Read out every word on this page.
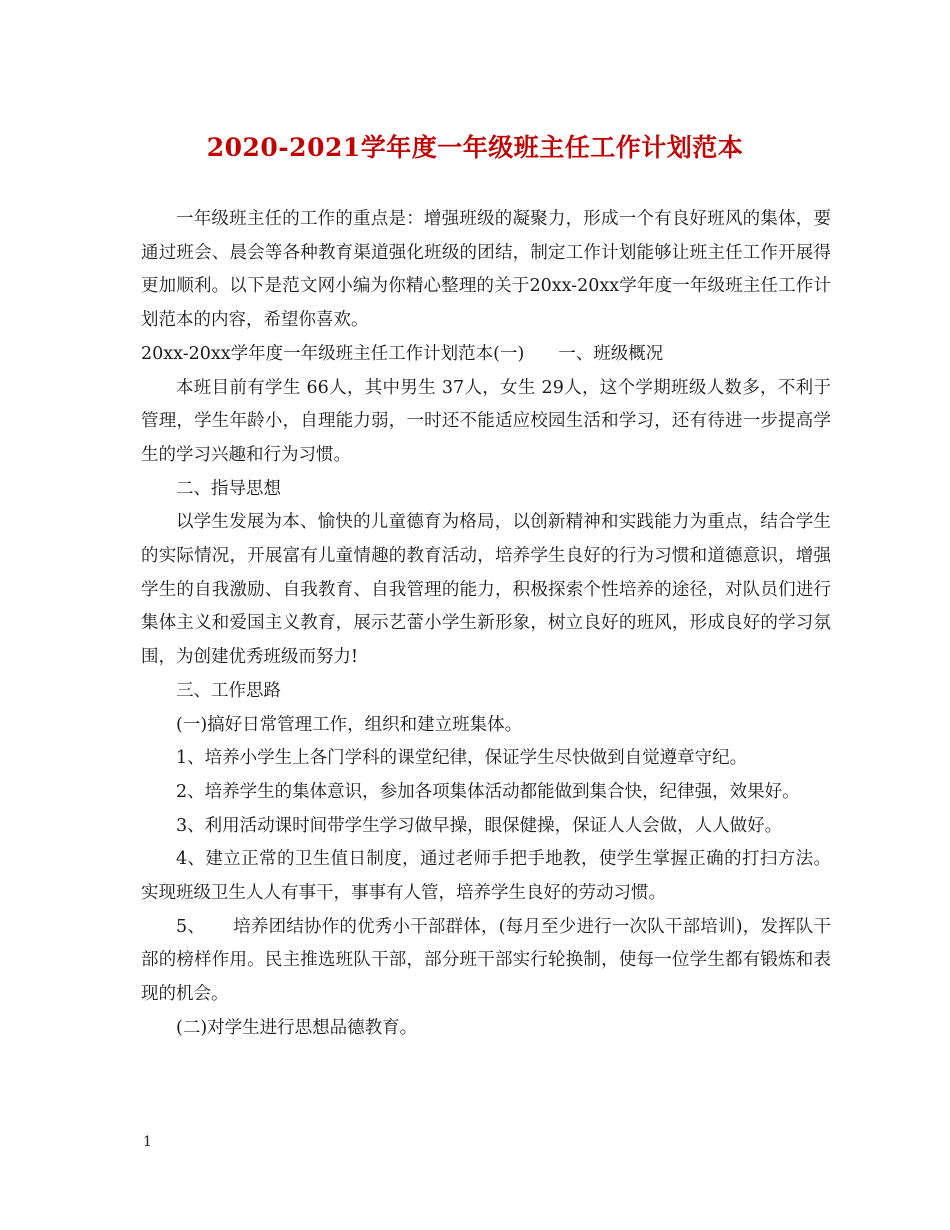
2020-2021学年度一年级班主任工作计划范本

一年级班主任的工作的重点是：增强班级的凝聚力，形成一个有良好班风的集体，要通过班会、晨会等各种教育渠道强化班级的团结，制定工作计划能够让班主任工作开展得更加顺利。以下是范文网小编为你精心整理的关于20xx-20xx学年度一年级班主任工作计划范本的内容，希望你喜欢。

20xx-20xx学年度一年级班主任工作计划范本(一) 一、班级概况

本班目前有学生 66人，其中男生 37人，女生 29人，这个学期班级人数多，不利于管理，学生年龄小，自理能力弱，一时还不能适应校园生活和学习，还有待进一步提高学生的学习兴趣和行为习惯。

二、指导思想

以学生发展为本、愉快的儿童德育为格局，以创新精神和实践能力为重点，结合学生的实际情况，开展富有儿童情趣的教育活动，培养学生良好的行为习惯和道德意识，增强学生的自我激励、自我教育、自我管理的能力，积极探索个性培养的途径，对队员们进行集体主义和爱国主义教育，展示艺蕾小学生新形象，树立良好的班风，形成良好的学习氛围，为创建优秀班级而努力!

三、工作思路

(一)搞好日常管理工作，组织和建立班集体。

1、培养小学生上各门学科的课堂纪律，保证学生尽快做到自觉遵章守纪。

2、培养学生的集体意识，参加各项集体活动都能做到集合快，纪律强，效果好。

3、利用活动课时间带学生学习做早操，眼保健操，保证人人会做，人人做好。

4、建立正常的卫生值日制度，通过老师手把手地教，使学生掌握正确的打扫方法。实现班级卫生人人有事干，事事有人管，培养学生良好的劳动习惯。

5、 培养团结协作的优秀小干部群体，(每月至少进行一次队干部培训)，发挥队干部的榜样作用。民主推选班队干部，部分班干部实行轮换制，使每一位学生都有锻炼和表现的机会。

(二)对学生进行思想品德教育。

1
